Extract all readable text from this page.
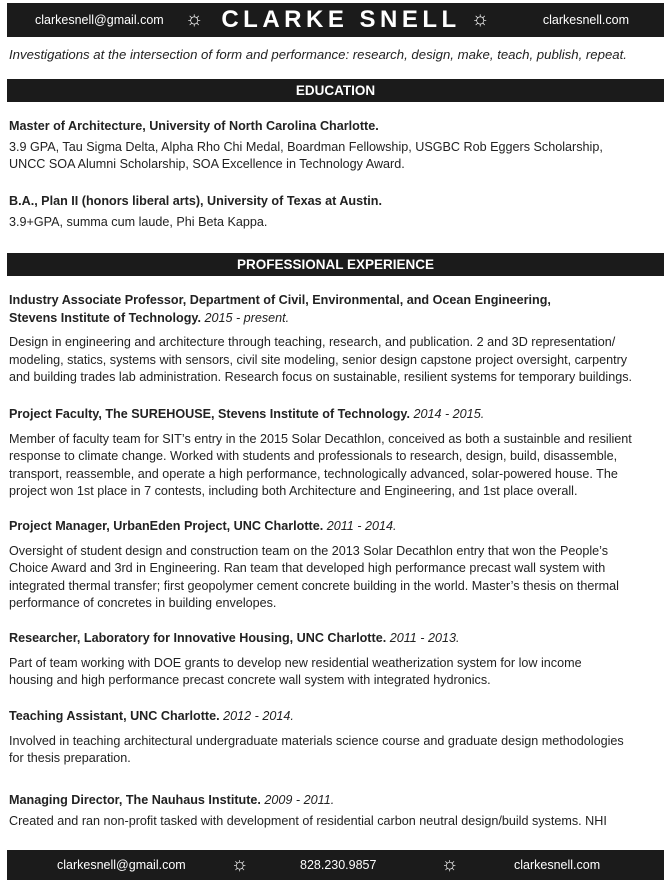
clarkesnell@gmail.com ☼ CLARKE SNELL ☼	clarkesnell.com
Investigations at the intersection of form and performance: research, design, make, teach, publish, repeat.
EDUCATION
Master of Architecture, University of North Carolina Charlotte.
3.9 GPA, Tau Sigma Delta, Alpha Rho Chi Medal, Boardman Fellowship, USGBC Rob Eggers Scholarship,
UNCC SOA Alumni Scholarship, SOA Excellence in Technology Award.
B.A., Plan II (honors liberal arts), University of Texas at Austin.
3.9+GPA, summa cum laude, Phi Beta Kappa.
PROFESSIONAL EXPERIENCE
Industry Associate Professor, Department of Civil, Environmental, and Ocean Engineering,
Stevens Institute of Technology. 2015 - present.
Design in engineering and architecture through teaching, research, and publication. 2 and 3D representation/
modeling, statics, systems with sensors, civil site modeling, senior design capstone project oversight, carpentry
and building trades lab administration. Research focus on sustainable, resilient systems for temporary buildings.
Project Faculty, The SUREHOUSE, Stevens Institute of Technology. 2014 - 2015.
Member of faculty team for SIT’s entry in the 2015 Solar Decathlon, conceived as both a sustainble and resilient
response to climate change. Worked with students and professionals to research, design, build, disassemble,
transport, reassemble, and operate a high performance, technologically advanced, solar-powered house. The
project won 1st place in 7 contests, including both Architecture and Engineering, and 1st place overall.
Project Manager, UrbanEden Project, UNC Charlotte. 2011 - 2014.
Oversight of student design and construction team on the 2013 Solar Decathlon entry that won the People’s
Choice Award and 3rd in Engineering. Ran team that developed high performance precast wall system with
integrated thermal transfer; first geopolymer cement concrete building in the world. Master’s thesis on thermal
performance of concretes in building envelopes.
Researcher, Laboratory for Innovative Housing, UNC Charlotte. 2011 - 2013.
Part of team working with DOE grants to develop new residential weatherization system for low income
housing and high performance precast concrete wall system with integrated hydronics.
Teaching Assistant, UNC Charlotte. 2012 - 2014.
Involved in teaching architectural undergraduate materials science course and graduate design methodologies
for thesis preparation.
Managing Director, The Nauhaus Institute. 2009 - 2011.
Created and ran non-profit tasked with development of residential carbon neutral design/build systems. NHI
clarkesnell@gmail.com ☼	828.230.9857	☼	clarkesnell.com
